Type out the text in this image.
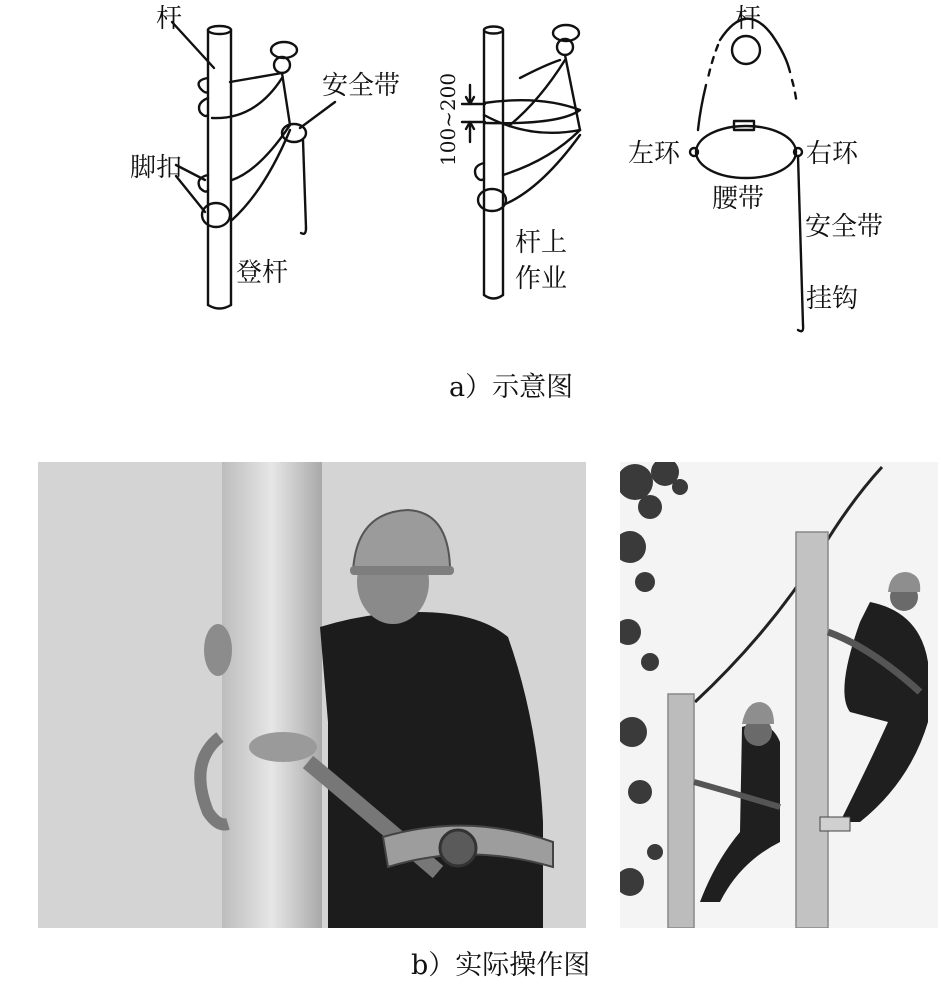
杆
安全带
脚扣
登杆
100~200
杆上
作业
杆
左环	右环
腰带
安全带
挂钩
a）示意图
b）实际操作图
